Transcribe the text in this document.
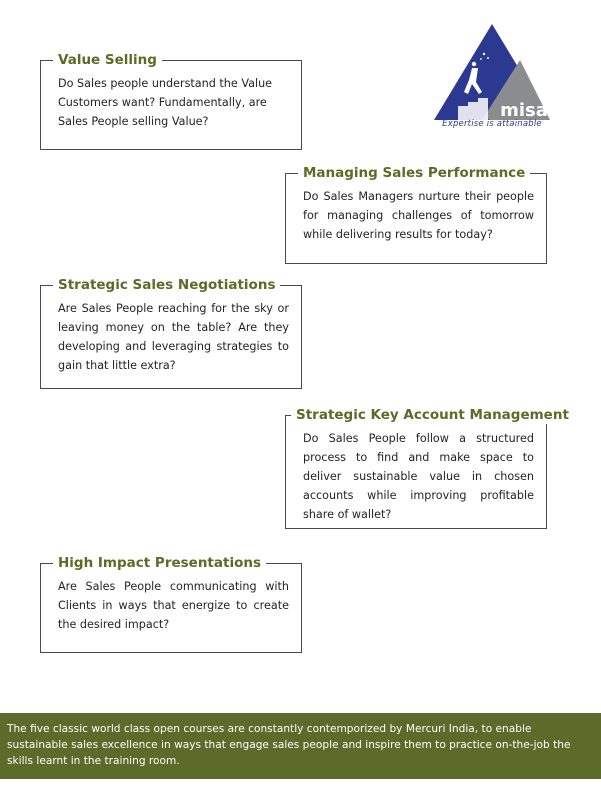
misa
Expertise is attainable
Value Selling
Do Sales people understand the Value Customers want? Fundamentally, are Sales People selling Value?
Managing Sales Performance
Do Sales Managers nurture their people for managing challenges of tomorrow while delivering results for today?
Strategic Sales Negotiations
Are Sales People reaching for the sky or leaving money on the table? Are they developing and leveraging strategies to gain that little extra?
Strategic Key Account Management
Do Sales People follow a structured process to find and make space to deliver sustainable value in chosen accounts while improving profitable share of wallet?
High Impact Presentations
Are Sales People communicating with Clients in ways that energize to create the desired impact?
The five classic world class open courses are constantly contemporized by Mercuri India, to enable sustainable sales excellence in ways that engage sales people and inspire them to practice on-the-job the skills learnt in the training room.
